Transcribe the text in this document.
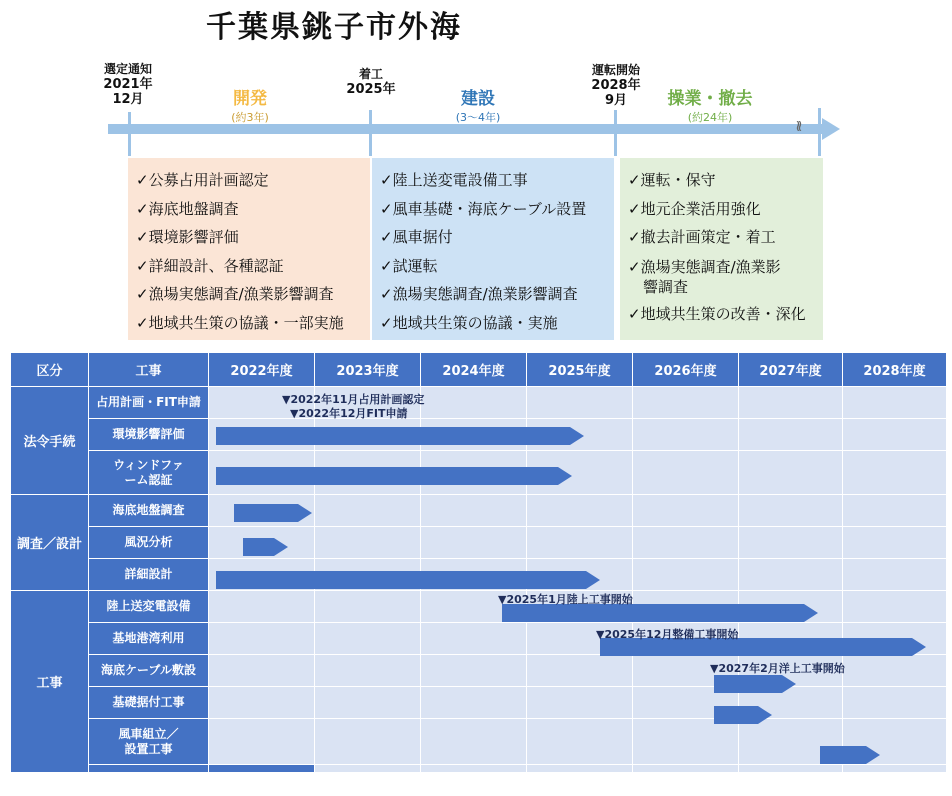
千葉県銚子市外海
≀≀
選定通知
2021年
12月
着工
2025年
運転開始
2028年
9月
開発
(約3年)
建設
(3～4年)
操業・撤去
(約24年)
✓公募占用計画認定
✓海底地盤調査
✓環境影響評価
✓詳細設計、各種認証
✓漁場実態調査/漁業影響調査
✓地域共生策の協議・一部実施
✓陸上送変電設備工事
✓風車基礎・海底ケーブル設置
✓風車据付
✓試運転
✓漁場実態調査/漁業影響調査
✓地域共生策の協議・実施
✓運転・保守
✓地元企業活用強化
✓撤去計画策定・着工
✓漁場実態調査/漁業影
　響調査
✓地域共生策の改善・深化
区分	工事	2022年度	2023年度	2024年度	2025年度	2026年度	2027年度	2028年度	
法令手続	占用計画・FIT申請								
	環境影響評価								
	ウィンドファーム認証								
調査／設計	海底地盤調査								
	風況分析								
	詳細設計								
工事	陸上送変電設備								
	基地港湾利用								
	海底ケーブル敷設								
	基礎据付工事								
	風車組立／設置工事								

▼2022年11月占用計画認定
▼2022年12月FIT申請
▼2025年1月陸上工事開始
▼2025年12月整備工事開始
▼2027年2月洋上工事開始
